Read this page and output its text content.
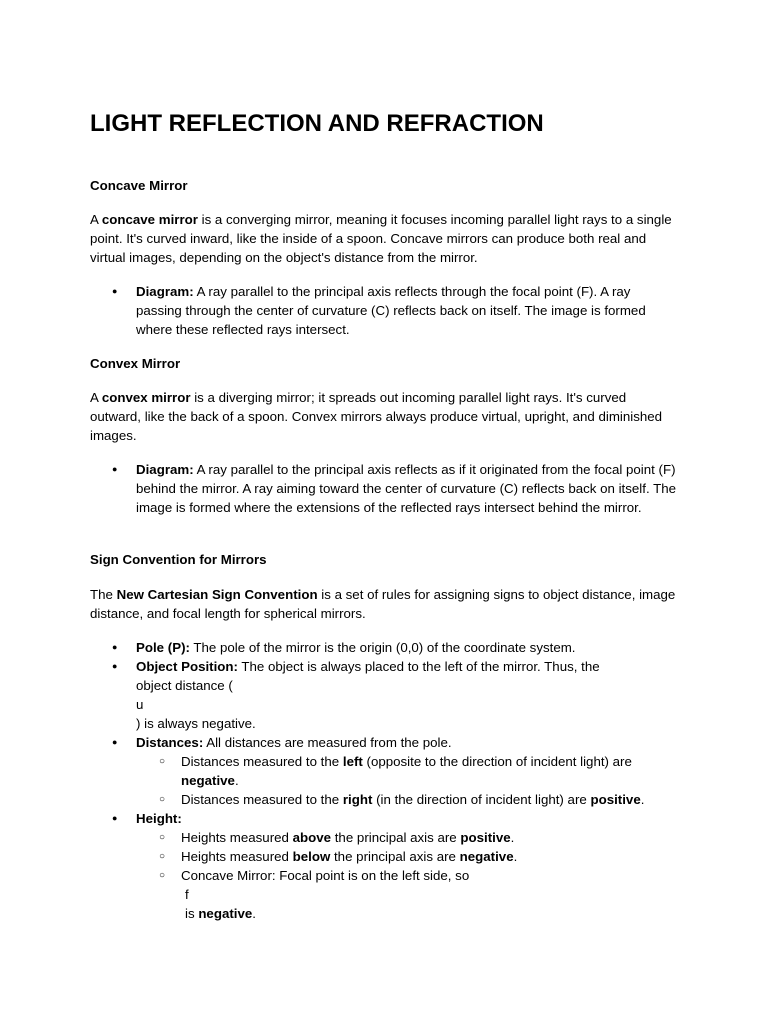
LIGHT REFLECTION AND REFRACTION
Concave Mirror

A concave mirror is a converging mirror, meaning it focuses incoming parallel light rays to a single point. It's curved inward, like the inside of a spoon. Concave mirrors can produce both real and virtual images, depending on the object's distance from the mirror.

● Diagram: A ray parallel to the principal axis reflects through the focal point (F). A ray passing through the center of curvature (C) reflects back on itself. The image is formed where these reflected rays intersect.
Convex Mirror

A convex mirror is a diverging mirror; it spreads out incoming parallel light rays. It's curved outward, like the back of a spoon. Convex mirrors always produce virtual, upright, and diminished images.

● Diagram: A ray parallel to the principal axis reflects as if it originated from the focal point (F) behind the mirror. A ray aiming toward the center of curvature (C) reflects back on itself. The image is formed where the extensions of the reflected rays intersect behind the mirror.
Sign Convention for Mirrors

The New Cartesian Sign Convention is a set of rules for assigning signs to object distance, image distance, and focal length for spherical mirrors.

● Pole (P): The pole of the mirror is the origin (0,0) of the coordinate system.
● Object Position: The object is always placed to the left of the mirror. Thus, the object distance (
u
) is always negative.
● Distances: All distances are measured from the pole.
○ Distances measured to the left (opposite to the direction of incident light) are negative.
○ Distances measured to the right (in the direction of incident light) are positive.
● Height:
○ Heights measured above the principal axis are positive.
○ Heights measured below the principal axis are negative.
○ Concave Mirror: Focal point is on the left side, so
f
is negative.
